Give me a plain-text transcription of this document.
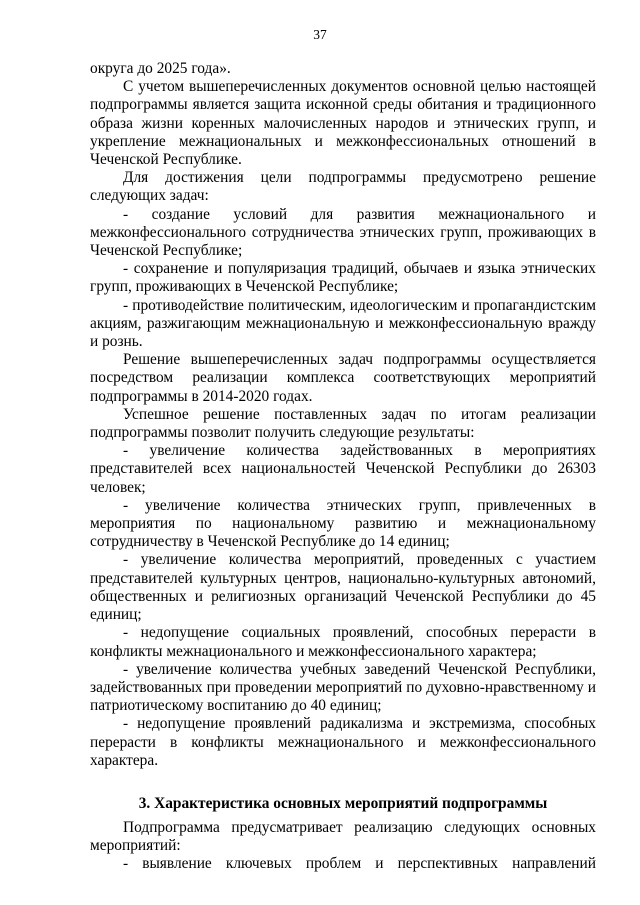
37

округа до 2025 года».

С учетом вышеперечисленных документов основной целью настоящей подпрограммы является защита исконной среды обитания и традиционного образа жизни коренных малочисленных народов и этнических групп, и укрепление межнациональных и межконфессиональных отношений в Чеченской Республике.

Для достижения цели подпрограммы предусмотрено решение следующих задач:

- создание условий для развития межнационального и межконфессионального сотрудничества этнических групп, проживающих в Чеченской Республике;

- сохранение и популяризация традиций, обычаев и языка этнических групп, проживающих в Чеченской Республике;

- противодействие политическим, идеологическим и пропагандистским акциям, разжигающим межнациональную и межконфессиональную вражду и рознь.

Решение вышеперечисленных задач подпрограммы осуществляется посредством реализации комплекса соответствующих мероприятий подпрограммы в 2014-2020 годах.

Успешное решение поставленных задач по итогам реализации подпрограммы позволит получить следующие результаты:

- увеличение количества задействованных в мероприятиях представителей всех национальностей Чеченской Республики до 26303 человек;

- увеличение количества этнических групп, привлеченных в мероприятия по национальному развитию и межнациональному сотрудничеству в Чеченской Республике до 14 единиц;

- увеличение количества мероприятий, проведенных с участием представителей культурных центров, национально-культурных автономий, общественных и религиозных организаций Чеченской Республики до 45 единиц;

- недопущение социальных проявлений, способных перерасти в конфликты межнационального и межконфессионального характера;

- увеличение количества учебных заведений Чеченской Республики, задействованных при проведении мероприятий по духовно-нравственному и патриотическому воспитанию до 40 единиц;

- недопущение проявлений радикализма и экстремизма, способных перерасти в конфликты межнационального и межконфессионального характера.

3. Характеристика основных мероприятий подпрограммы

Подпрограмма предусматривает реализацию следующих основных мероприятий:

- выявление ключевых проблем и перспективных направлений
